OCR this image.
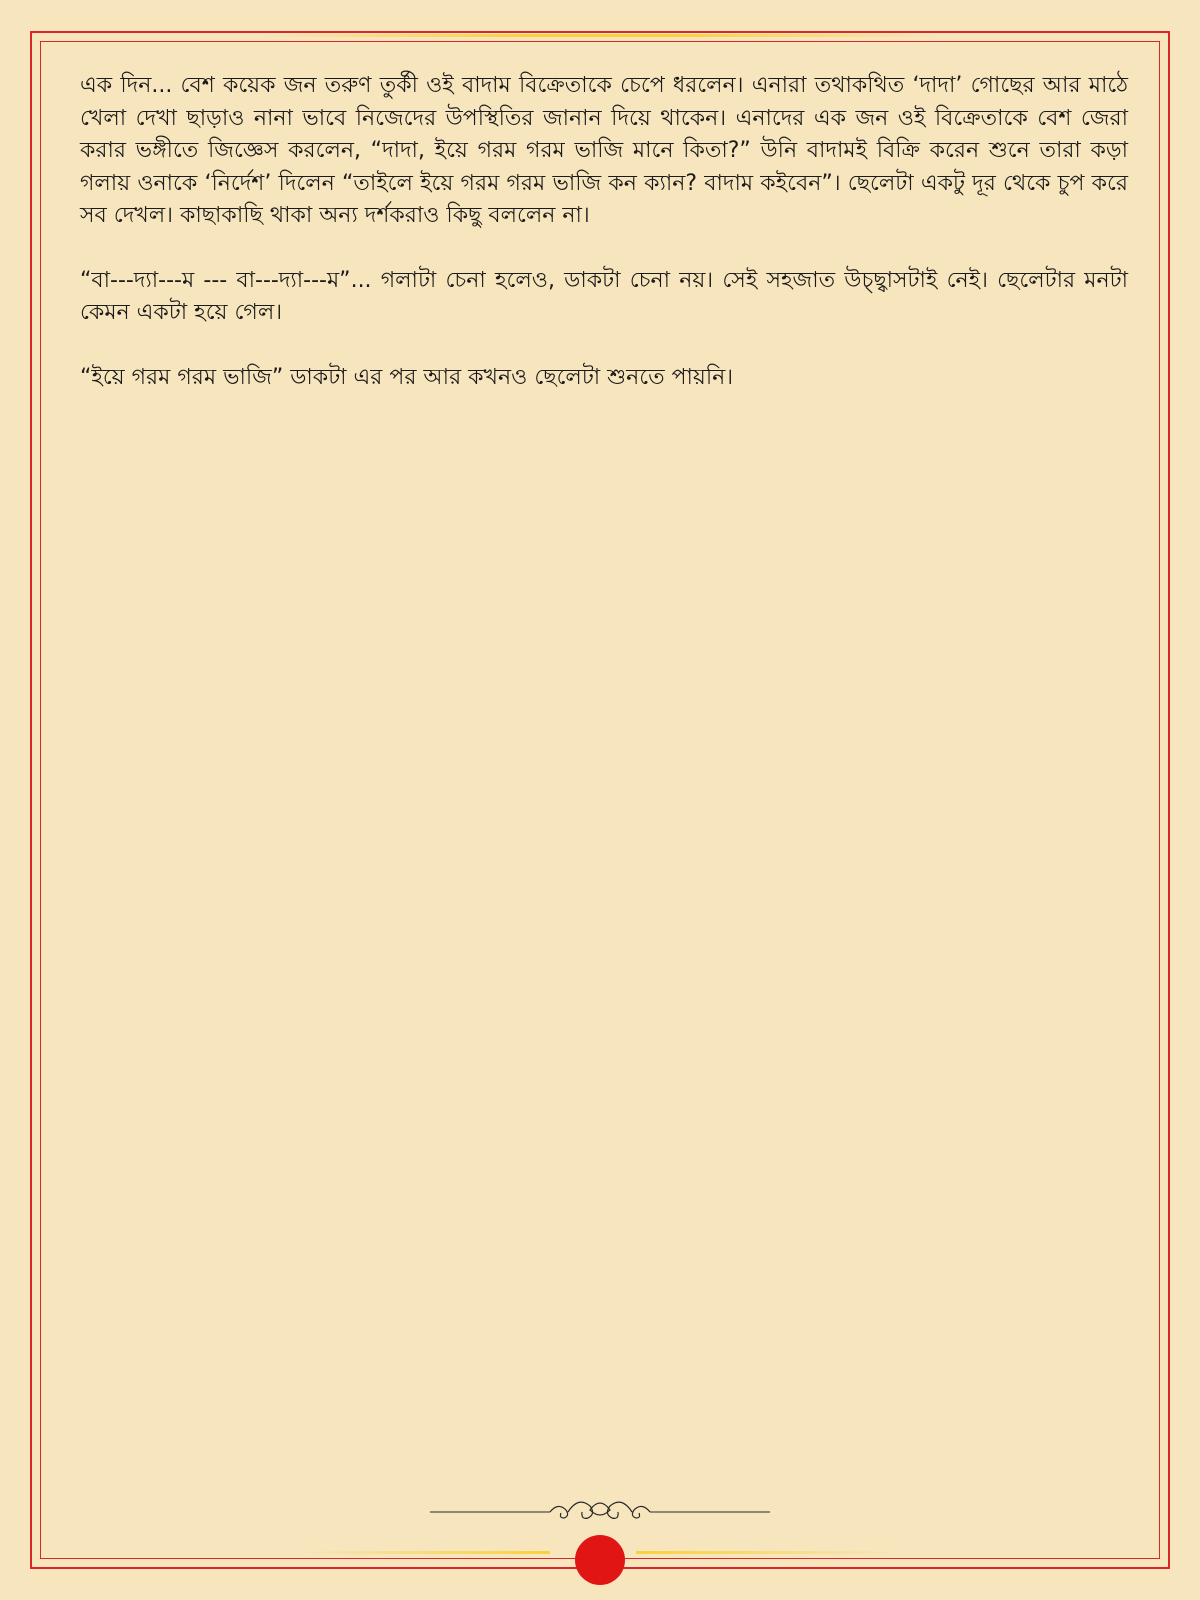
এক দিন... বেশ কয়েক জন তরুণ তুর্কী ওই বাদাম বিক্রেতাকে চেপে ধরলেন। এনারা তথাকথিত ‘দাদা’ গোছের আর মাঠে খেলা দেখা ছাড়াও নানা ভাবে নিজেদের উপস্থিতির জানান দিয়ে থাকেন। এনাদের এক জন ওই বিক্রেতাকে বেশ জেরা করার ভঙ্গীতে জিজ্ঞেস করলেন, “দাদা, ইয়ে গরম গরম ভাজি মানে কিতা?” উনি বাদামই বিক্রি করেন শুনে তারা কড়া গলায় ওনাকে ‘নির্দেশ’ দিলেন “তাইলে ইয়ে গরম গরম ভাজি কন ক্যান? বাদাম কইবেন”। ছেলেটা একটু দূর থেকে চুপ করে সব দেখল। কাছাকাছি থাকা অন্য দর্শকরাও কিছু বললেন না।

“বা---দ্যা---ম --- বা---দ্যা---ম”... গলাটা চেনা হলেও, ডাকটা চেনা নয়। সেই সহজাত উচ্ছ্বাসটাই নেই। ছেলেটার মনটা কেমন একটা হয়ে গেল।

“ইয়ে গরম গরম ভাজি” ডাকটা এর পর আর কখনও ছেলেটা শুনতে পায়নি।
